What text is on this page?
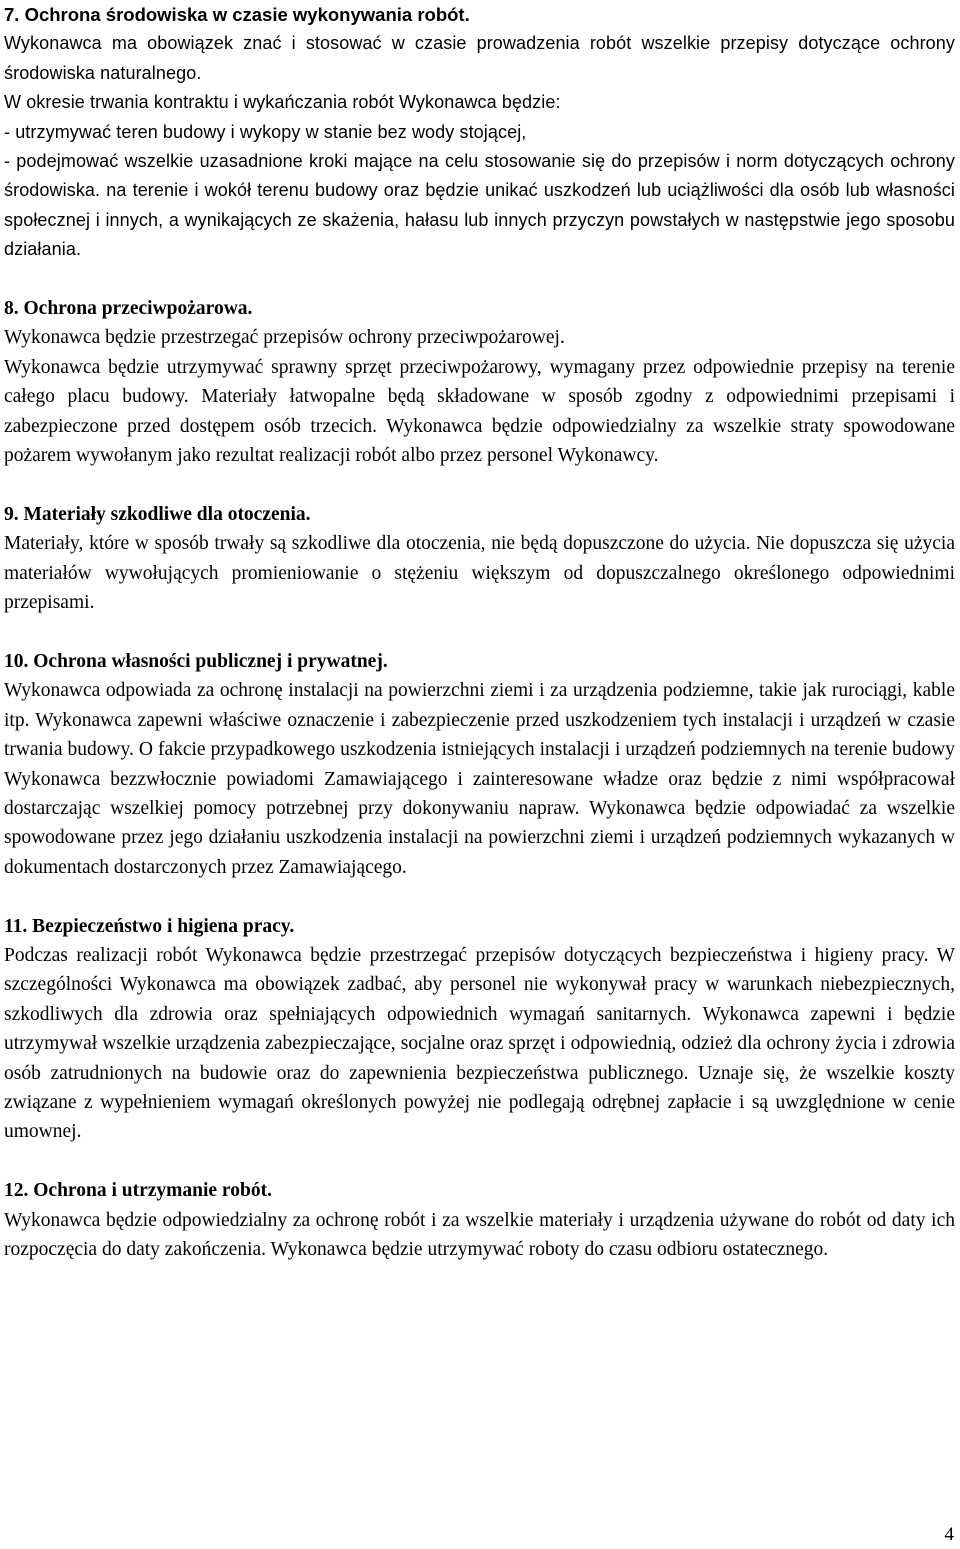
7. Ochrona środowiska w czasie wykonywania robót.

Wykonawca ma obowiązek znać i stosować w czasie prowadzenia robót wszelkie przepisy dotyczące ochrony środowiska naturalnego.

W okresie trwania kontraktu i wykańczania robót Wykonawca będzie:

- utrzymywać teren budowy i wykopy w stanie bez wody stojącej,

- podejmować wszelkie uzasadnione kroki mające na celu stosowanie się do przepisów i norm dotyczących ochrony środowiska. na terenie i wokół terenu budowy oraz będzie unikać uszkodzeń lub uciążliwości dla osób lub własności społecznej i innych, a wynikających ze skażenia, hałasu lub innych przyczyn powstałych w następstwie jego sposobu działania.

8. Ochrona przeciwpożarowa.

Wykonawca będzie przestrzegać przepisów ochrony przeciwpożarowej.

Wykonawca będzie utrzymywać sprawny sprzęt przeciwpożarowy, wymagany przez odpowiednie przepisy na terenie całego placu budowy. Materiały łatwopalne będą składowane w sposób zgodny z odpowiednimi przepisami i zabezpieczone przed dostępem osób trzecich. Wykonawca będzie odpowiedzialny za wszelkie straty spowodowane pożarem wywołanym jako rezultat realizacji robót albo przez personel Wykonawcy.

9. Materiały szkodliwe dla otoczenia.

Materiały, które w sposób trwały są szkodliwe dla otoczenia, nie będą dopuszczone do użycia. Nie dopuszcza się użycia materiałów wywołujących promieniowanie o stężeniu większym od dopuszczalnego określonego odpowiednimi przepisami.

10. Ochrona własności publicznej i prywatnej.

Wykonawca odpowiada za ochronę instalacji na powierzchni ziemi i za urządzenia podziemne, takie jak rurociągi, kable itp. Wykonawca zapewni właściwe oznaczenie i zabezpieczenie przed uszkodzeniem tych instalacji i urządzeń w czasie trwania budowy. O fakcie przypadkowego uszkodzenia istniejących instalacji i urządzeń podziemnych na terenie budowy Wykonawca bezzwłocznie powiadomi Zamawiającego i zainteresowane władze oraz będzie z nimi współpracował dostarczając wszelkiej pomocy potrzebnej przy dokonywaniu napraw. Wykonawca będzie odpowiadać za wszelkie spowodowane przez jego działaniu uszkodzenia instalacji na powierzchni ziemi i urządzeń podziemnych wykazanych w dokumentach dostarczonych przez Zamawiającego.

11. Bezpieczeństwo i higiena pracy.

Podczas realizacji robót Wykonawca będzie przestrzegać przepisów dotyczących bezpieczeństwa i higieny pracy. W szczególności Wykonawca ma obowiązek zadbać, aby personel nie wykonywał pracy w warunkach niebezpiecznych, szkodliwych dla zdrowia oraz spełniających odpowiednich wymagań sanitarnych. Wykonawca zapewni i będzie utrzymywał wszelkie urządzenia zabezpieczające, socjalne oraz sprzęt i odpowiednią, odzież dla ochrony życia i zdrowia osób zatrudnionych na budowie oraz do zapewnienia bezpieczeństwa publicznego. Uznaje się, że wszelkie koszty związane z wypełnieniem wymagań określonych powyżej nie podlegają odrębnej zapłacie i są uwzględnione w cenie umownej.

12. Ochrona i utrzymanie robót.

Wykonawca będzie odpowiedzialny za ochronę robót i za wszelkie materiały i urządzenia używane do robót od daty ich rozpoczęcia do daty zakończenia. Wykonawca będzie utrzymywać roboty do czasu odbioru ostatecznego.

4
